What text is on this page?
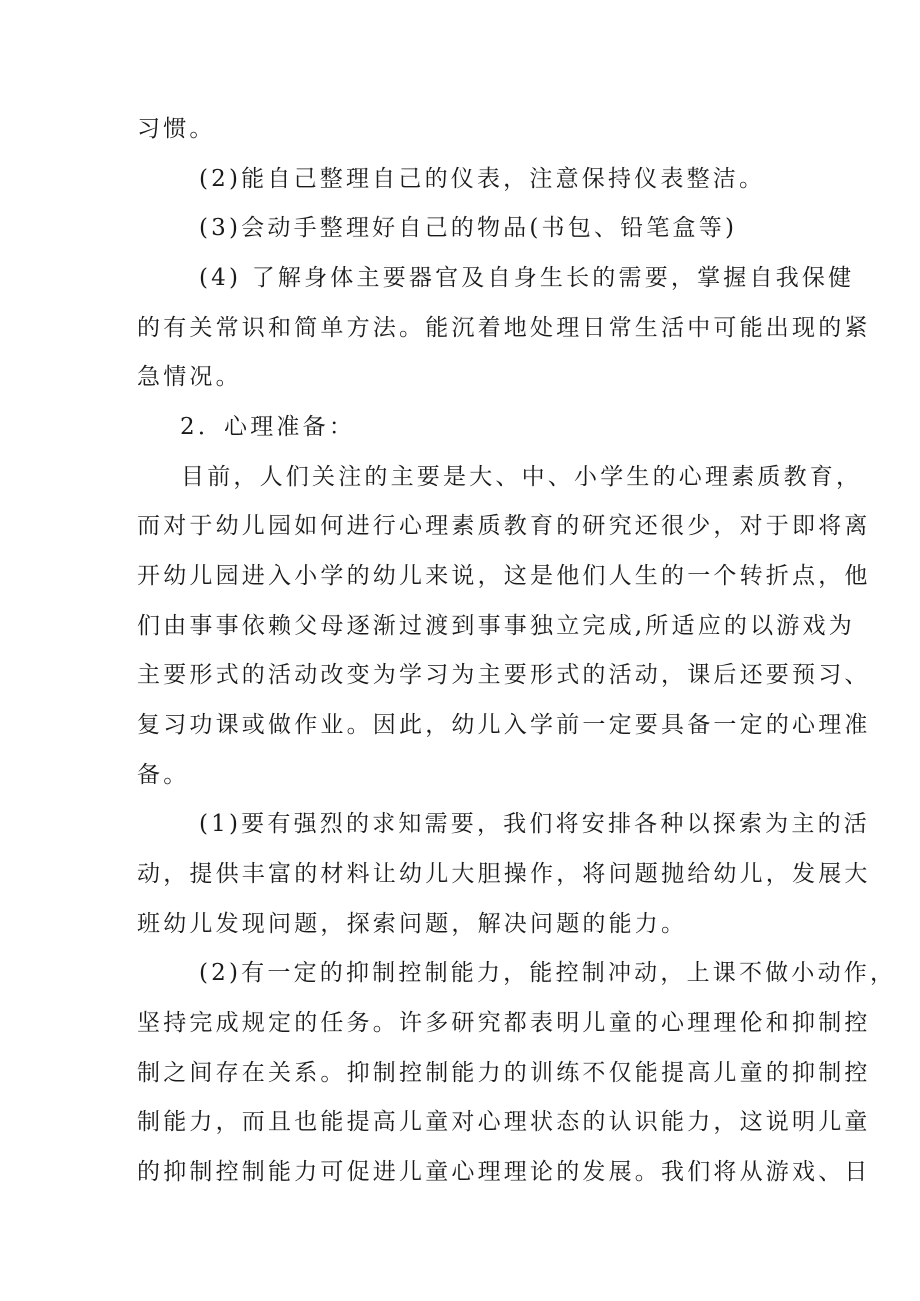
习惯。
(2)能自己整理自己的仪表，注意保持仪表整洁。
(3)会动手整理好自己的物品(书包、铅笔盒等)
(4) 了解身体主要器官及自身生长的需要，掌握自我保健
的有关常识和简单方法。能沉着地处理日常生活中可能出现的紧
急情况。
2．心理准备：
目前，人们关注的主要是大、中、小学生的心理素质教育，
而对于幼儿园如何进行心理素质教育的研究还很少，对于即将离
开幼儿园进入小学的幼儿来说，这是他们人生的一个转折点，他
们由事事依赖父母逐渐过渡到事事独立完成,所适应的以游戏为
主要形式的活动改变为学习为主要形式的活动，课后还要预习、
复习功课或做作业。因此，幼儿入学前一定要具备一定的心理准
备。
(1)要有强烈的求知需要，我们将安排各种以探索为主的活
动，提供丰富的材料让幼儿大胆操作，将问题抛给幼儿，发展大
班幼儿发现问题，探索问题，解决问题的能力。
(2)有一定的抑制控制能力，能控制冲动，上课不做小动作，
坚持完成规定的任务。许多研究都表明儿童的心理理伦和抑制控
制之间存在关系。抑制控制能力的训练不仅能提高儿童的抑制控
制能力，而且也能提高儿童对心理状态的认识能力，这说明儿童
的抑制控制能力可促进儿童心理理论的发展。我们将从游戏、日
